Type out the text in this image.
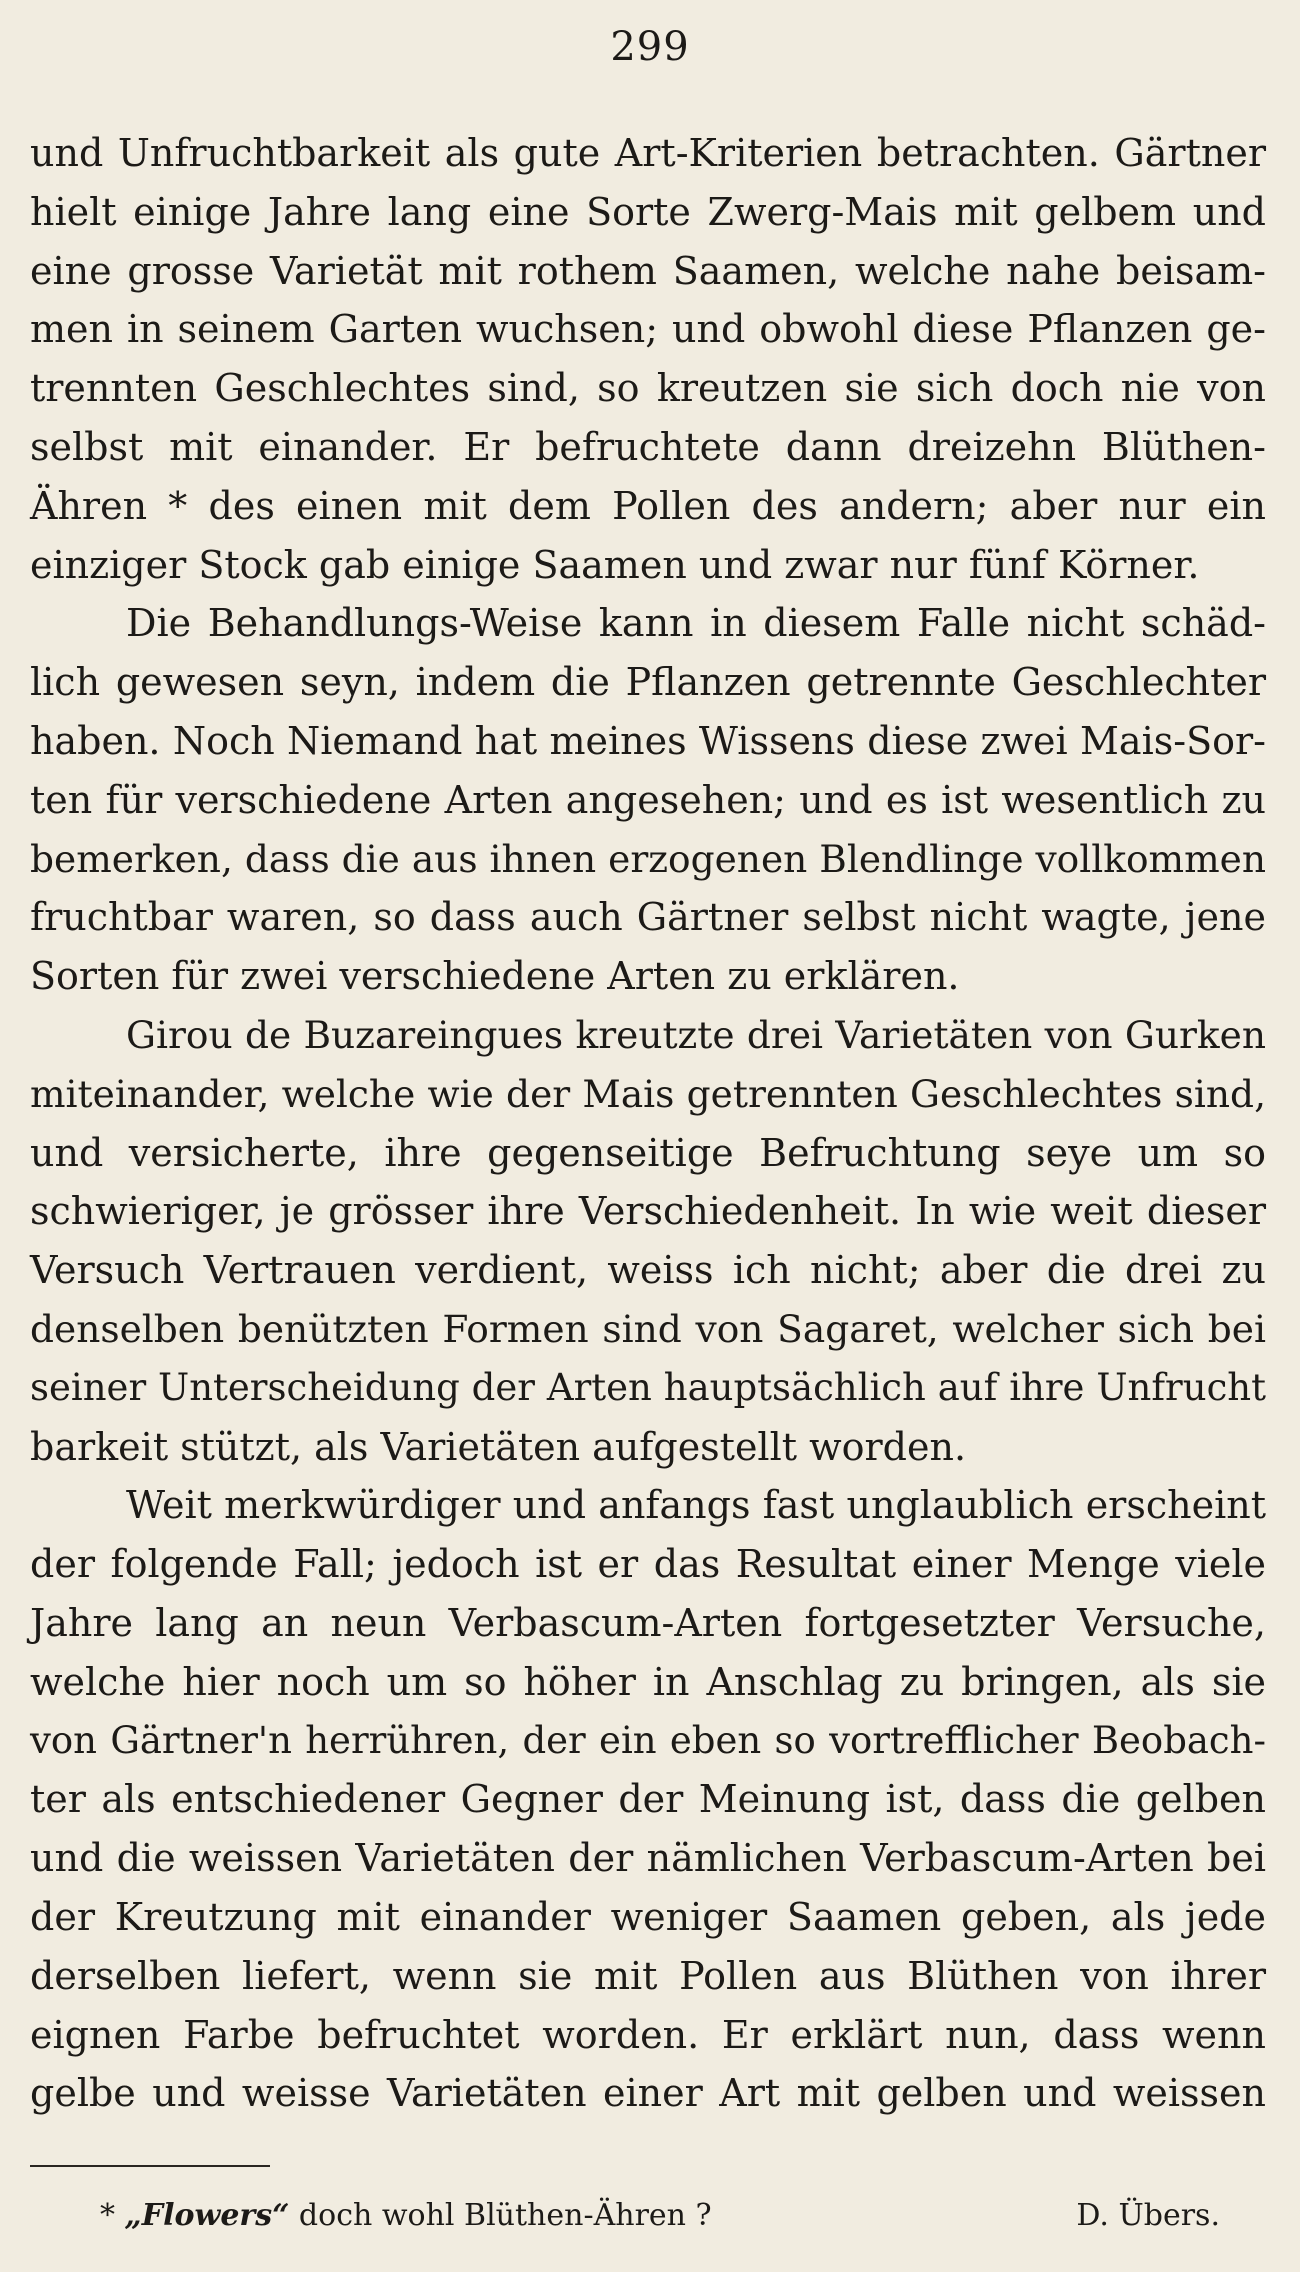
299
und Unfruchtbarkeit als gute Art-Kriterien betrachten. Gärtner
hielt einige Jahre lang eine Sorte Zwerg-Mais mit gelbem und
eine grosse Varietät mit rothem Saamen, welche nahe beisam-
men in seinem Garten wuchsen; und obwohl diese Pflanzen ge-
trennten Geschlechtes sind, so kreutzen sie sich doch nie von
selbst mit einander. Er befruchtete dann dreizehn Blüthen-
Ähren * des einen mit dem Pollen des andern; aber nur ein
einziger Stock gab einige Saamen und zwar nur fünf Körner.
Die Behandlungs-Weise kann in diesem Falle nicht schäd-
lich gewesen seyn, indem die Pflanzen getrennte Geschlechter
haben. Noch Niemand hat meines Wissens diese zwei Mais-Sor-
ten für verschiedene Arten angesehen; und es ist wesentlich zu
bemerken, dass die aus ihnen erzogenen Blendlinge vollkommen
fruchtbar waren, so dass auch Gärtner selbst nicht wagte, jene
Sorten für zwei verschiedene Arten zu erklären.
Girou de Buzareingues kreutzte drei Varietäten von Gurken
miteinander, welche wie der Mais getrennten Geschlechtes sind,
und versicherte, ihre gegenseitige Befruchtung seye um so
schwieriger, je grösser ihre Verschiedenheit. In wie weit dieser
Versuch Vertrauen verdient, weiss ich nicht; aber die drei zu
denselben benützten Formen sind von Sagaret, welcher sich bei
seiner Unterscheidung der Arten hauptsächlich auf ihre Unfrucht
barkeit stützt, als Varietäten aufgestellt worden.
Weit merkwürdiger und anfangs fast unglaublich erscheint
der folgende Fall; jedoch ist er das Resultat einer Menge viele
Jahre lang an neun Verbascum-Arten fortgesetzter Versuche,
welche hier noch um so höher in Anschlag zu bringen, als sie
von Gärtner'n herrühren, der ein eben so vortrefflicher Beobach-
ter als entschiedener Gegner der Meinung ist, dass die gelben
und die weissen Varietäten der nämlichen Verbascum-Arten bei
der Kreutzung mit einander weniger Saamen geben, als jede
derselben liefert, wenn sie mit Pollen aus Blüthen von ihrer
eignen Farbe befruchtet worden. Er erklärt nun, dass wenn
gelbe und weisse Varietäten einer Art mit gelben und weissen
* „Flowers“ doch wohl Blüthen-Ähren ?	D. Übers.
